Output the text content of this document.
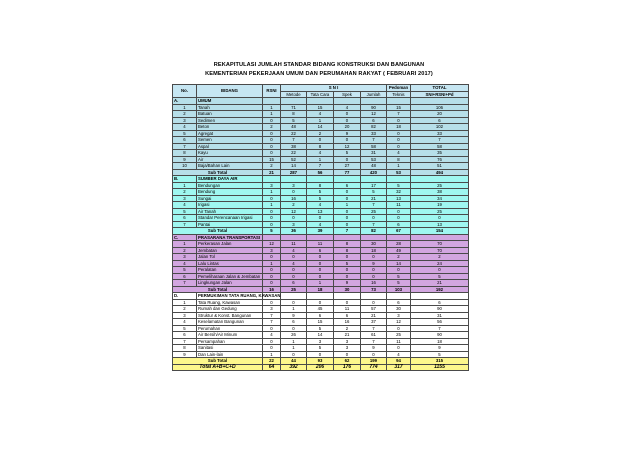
REKAPITULASI JUMLAH STANDAR BIDANG KONSTRUKSI DAN BANGUNAN
KEMENTERIAN PEKERJAAN UMUM DAN PERUMAHAN RAKYAT ( FEBRUARI 2017)
No.	BIDANG	RSNI	S N I				Pedoman	TOTAL
			Metode	Tata Cara	Spek	Jumlah	Teknis	SNI+RSNI+Pd
A.	UMUM							
1	Tanah	1	71	15	4	90	15	106
2	Batuan	1	8	4	0	12	7	20
3	Sedimen	0	5	1	0	6	0	6
4	Beton	2	48	14	20	82	18	102
5	Agregat	0	22	2	9	33	0	33
6	Semen	0	7	0	0	7	0	7
7	Aspal	0	38	8	12	58	0	58
8	Kayu	0	22	4	5	31	4	35
9	Air	15	52	1	0	53	8	76
10	Baja/Bahan Lain	2	14	7	27	48	1	51
Sub Total		21	287	56	77	420	53	494
B.	SUMBER DAYA AIR							
1	Bendungan	3	3	8	6	17	5	25
2	Bendung	1	0	5	0	5	32	38
3	Sungai	0	16	5	0	21	13	34
4	Irigasi	1	2	4	1	7	11	19
5	Air Tanah	0	12	13	0	25	0	25
6	Standar Perencanaan Irigasi	0	0	0	0	0	0	0
7	Pantai	0	3	4	0	7	6	13
Sub Total		5	36	39	7	82	67	154
C.	PRASARANA TRANSPORTASI							
1	Perkerasan Jalan	12	11	11	8	30	28	70
2	Jembatan	3	4	6	8	18	49	70
3	Jalan Tol	0	0	0	0	0	2	2
4	Lalu Lintas	1	4	0	5	9	14	24
5	Peralatan	0	0	0	0	0	0	0
6	Pemeliharaan Jalan & Jembatan	0	0	0	0	0	5	5
7	Lingkungan Jalan	0	6	1	9	16	5	21
Sub Total		16	25	18	30	73	103	192
D.	PERMUKIMAN TATA RUANG, KAWASAN							
1	Tata Ruang, Kawasan	0	0	0	0	0	6	6
2	Rumah dan Gedung	3	1	45	11	57	30	90
3	Struktur & Konst. Bangunan	7	9	6	6	21	3	31
4	Keselamatan Bangunan	7	6	15	16	37	12	56
5	Perumahan	0	0	5	2	7	0	7
6	Air Bersih/Air Minum	4	26	14	21	61	25	90
7	Persampahan	0	1	3	3	7	11	18
8	Sanitasi	0	1	5	3	9	0	9
9	Dan Lain-lain	1	0	0	0	0	4	5
Sub Total		22	44	93	62	199	94	315
Total A+B+C+D		64	392	206	176	774	317	1155
